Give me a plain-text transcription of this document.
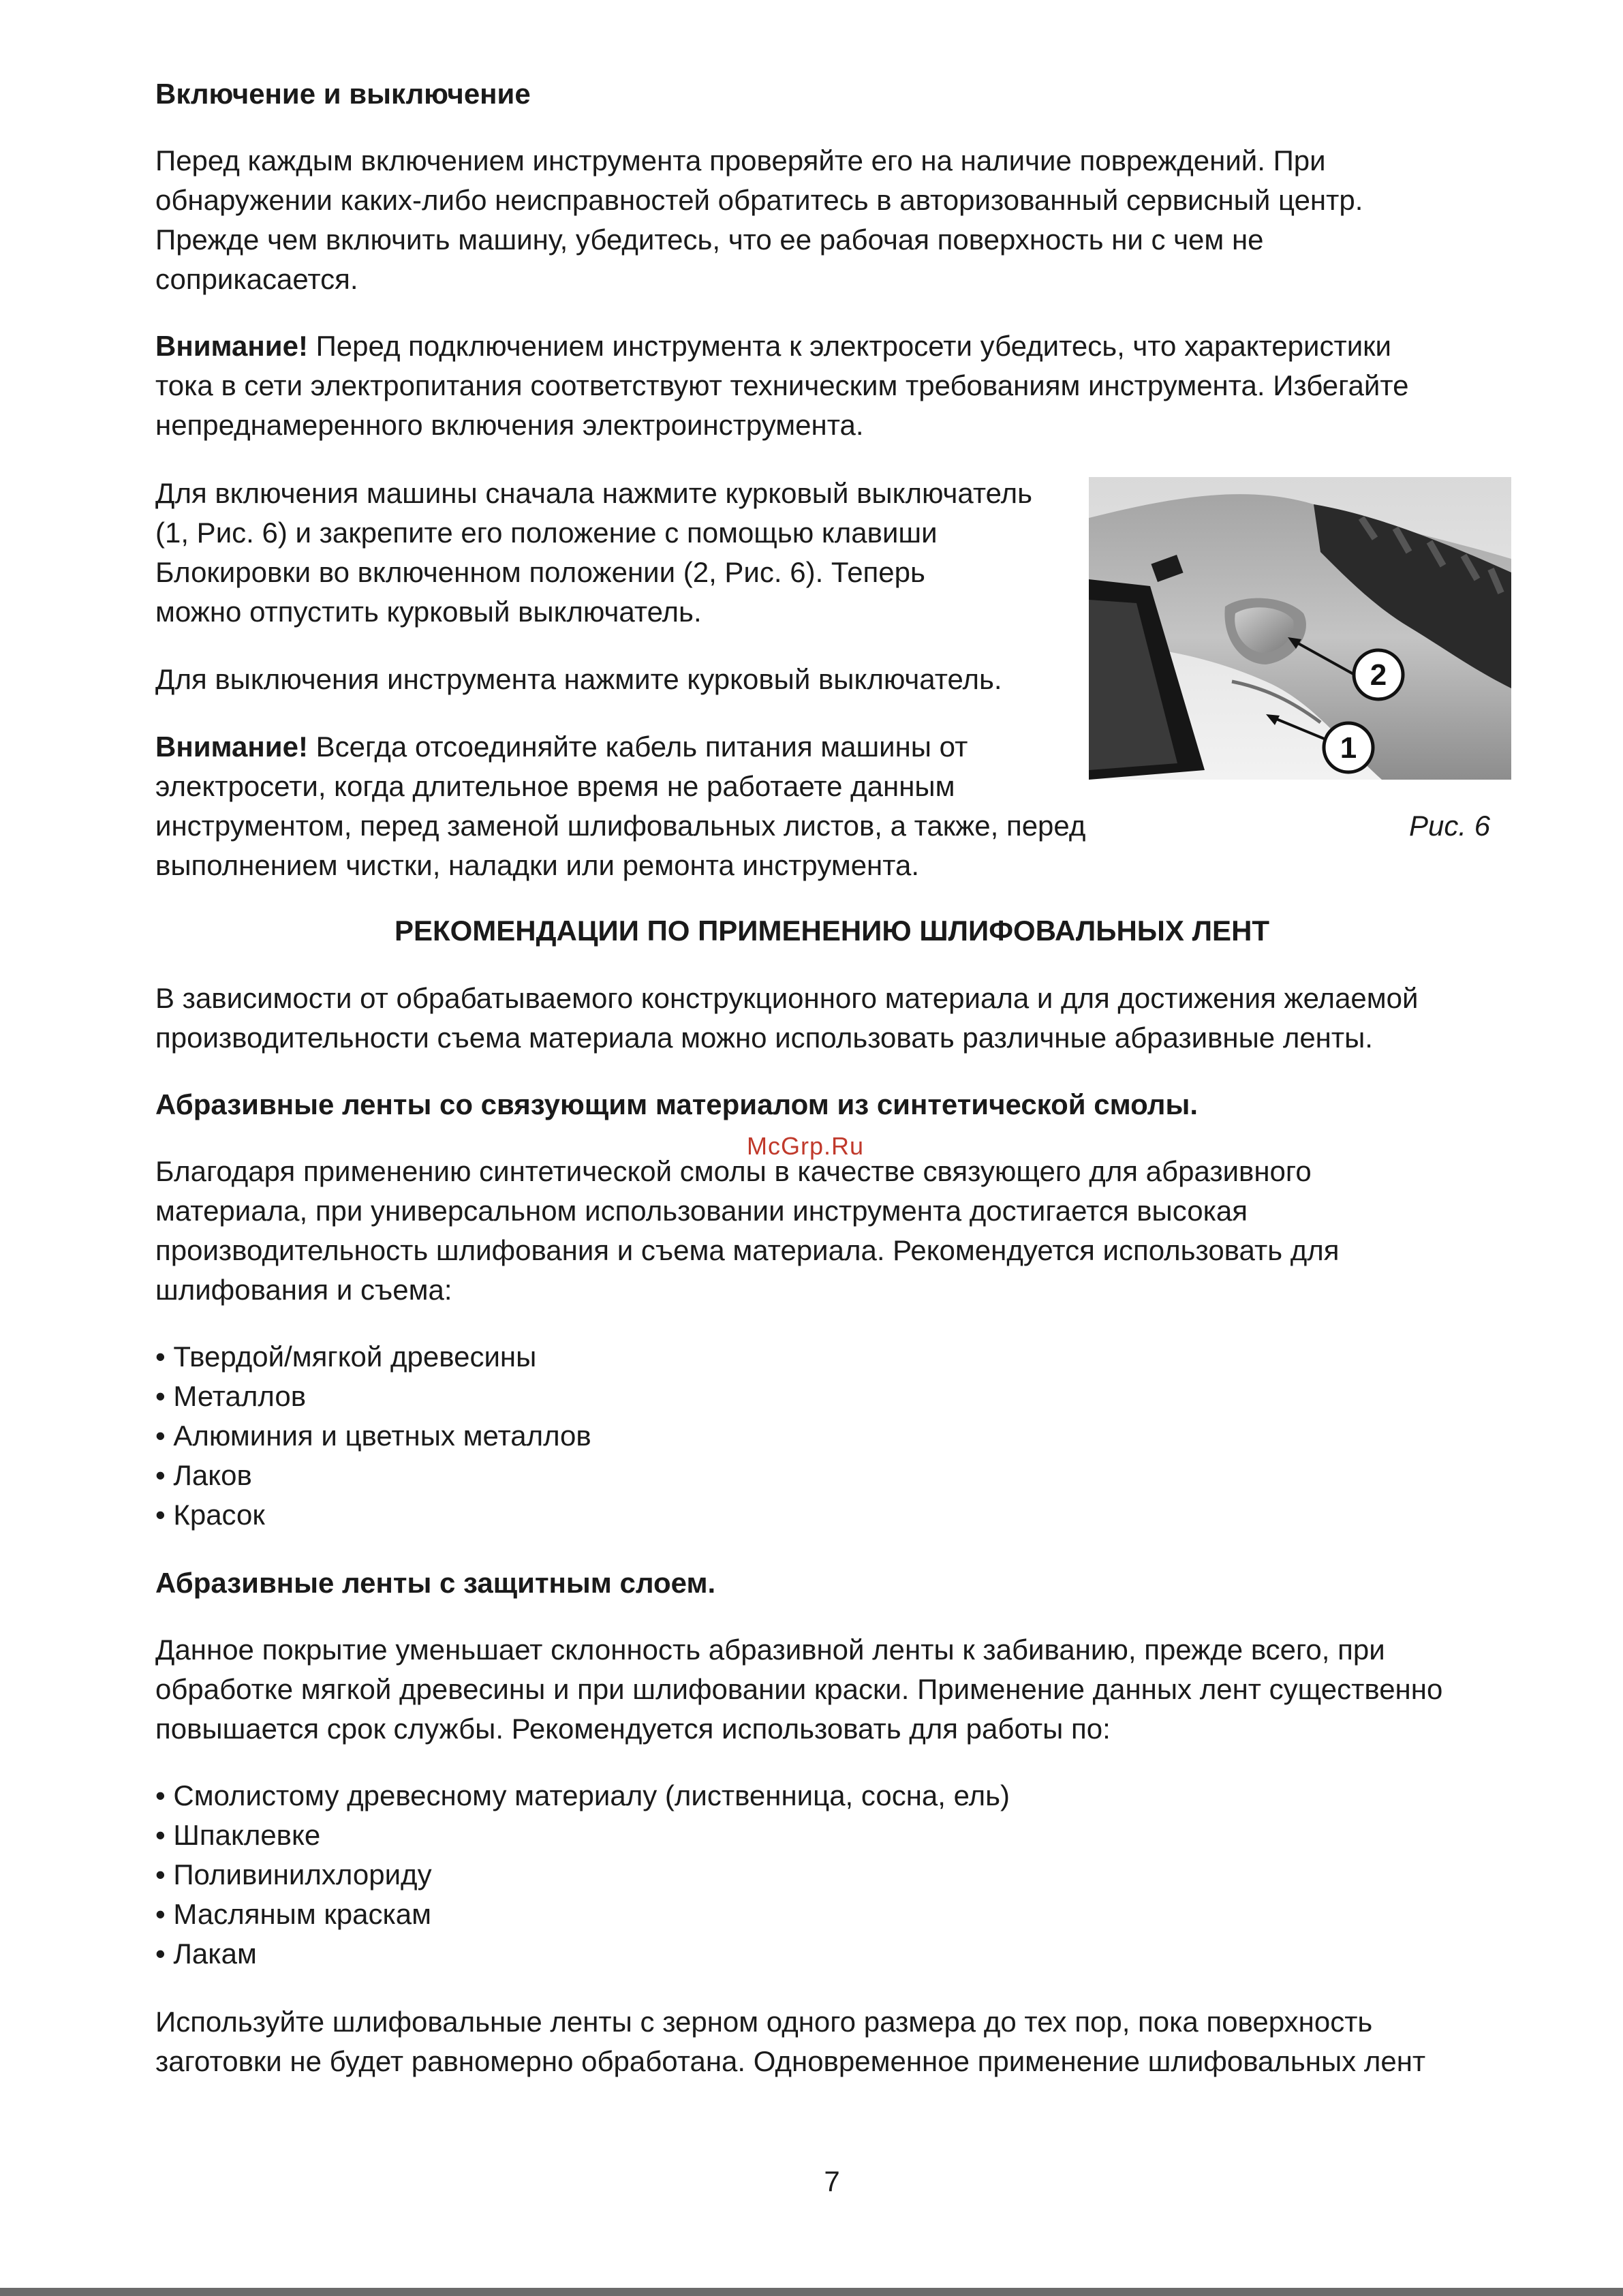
Включение и выключение

Перед каждым включением инструмента проверяйте его на наличие повреждений. При
обнаружении каких-либо неисправностей обратитесь в авторизованный сервисный центр.
Прежде чем включить машину, убедитесь, что ее рабочая поверхность ни с чем не
соприкасается.

Внимание! Перед подключением инструмента к электросети убедитесь, что характеристики
тока в сети электропитания соответствуют техническим требованиям инструмента. Избегайте
непреднамеренного включения электроинструмента.

Для включения машины сначала нажмите курковый выключатель
(1, Рис. 6) и закрепите его положение с помощью клавиши
Блокировки во включенном положении (2, Рис. 6). Теперь
можно отпустить курковый выключатель.

Для выключения инструмента нажмите курковый выключатель.

Внимание! Всегда отсоединяйте кабель питания машины от
электросети, когда длительное время не работаете данным
инструментом, перед заменой шлифовальных листов, а также, перед
выполнением чистки, наладки или ремонта инструмента.

2
1

Рис. 6

РЕКОМЕНДАЦИИ ПО ПРИМЕНЕНИЮ ШЛИФОВАЛЬНЫХ ЛЕНТ

В зависимости от обрабатываемого конструкционного материала и для достижения желаемой
производительности съема материала можно использовать различные абразивные ленты.

Абразивные ленты со связующим материалом из синтетической смолы.

McGrp.Ru

Благодаря применению синтетической смолы в качестве связующего для абразивного
материала, при универсальном использовании инструмента достигается высокая
производительность шлифования и съема материала. Рекомендуется использовать для
шлифования и съема:

• Твердой/мягкой древесины
• Металлов
• Алюминия и цветных металлов
• Лаков
• Красок

Абразивные ленты с защитным слоем.

Данное покрытие уменьшает склонность абразивной ленты к забиванию, прежде всего, при
обработке мягкой древесины и при шлифовании краски. Применение данных лент существенно
повышается срок службы. Рекомендуется использовать для работы по:

• Смолистому древесному материалу (лиственница, сосна, ель)
• Шпаклевке
• Поливинилхлориду
• Масляным краскам
• Лакам

Используйте шлифовальные ленты с зерном одного размера до тех пор, пока поверхность
заготовки не будет равномерно обработана. Одновременное применение шлифовальных лент

7
